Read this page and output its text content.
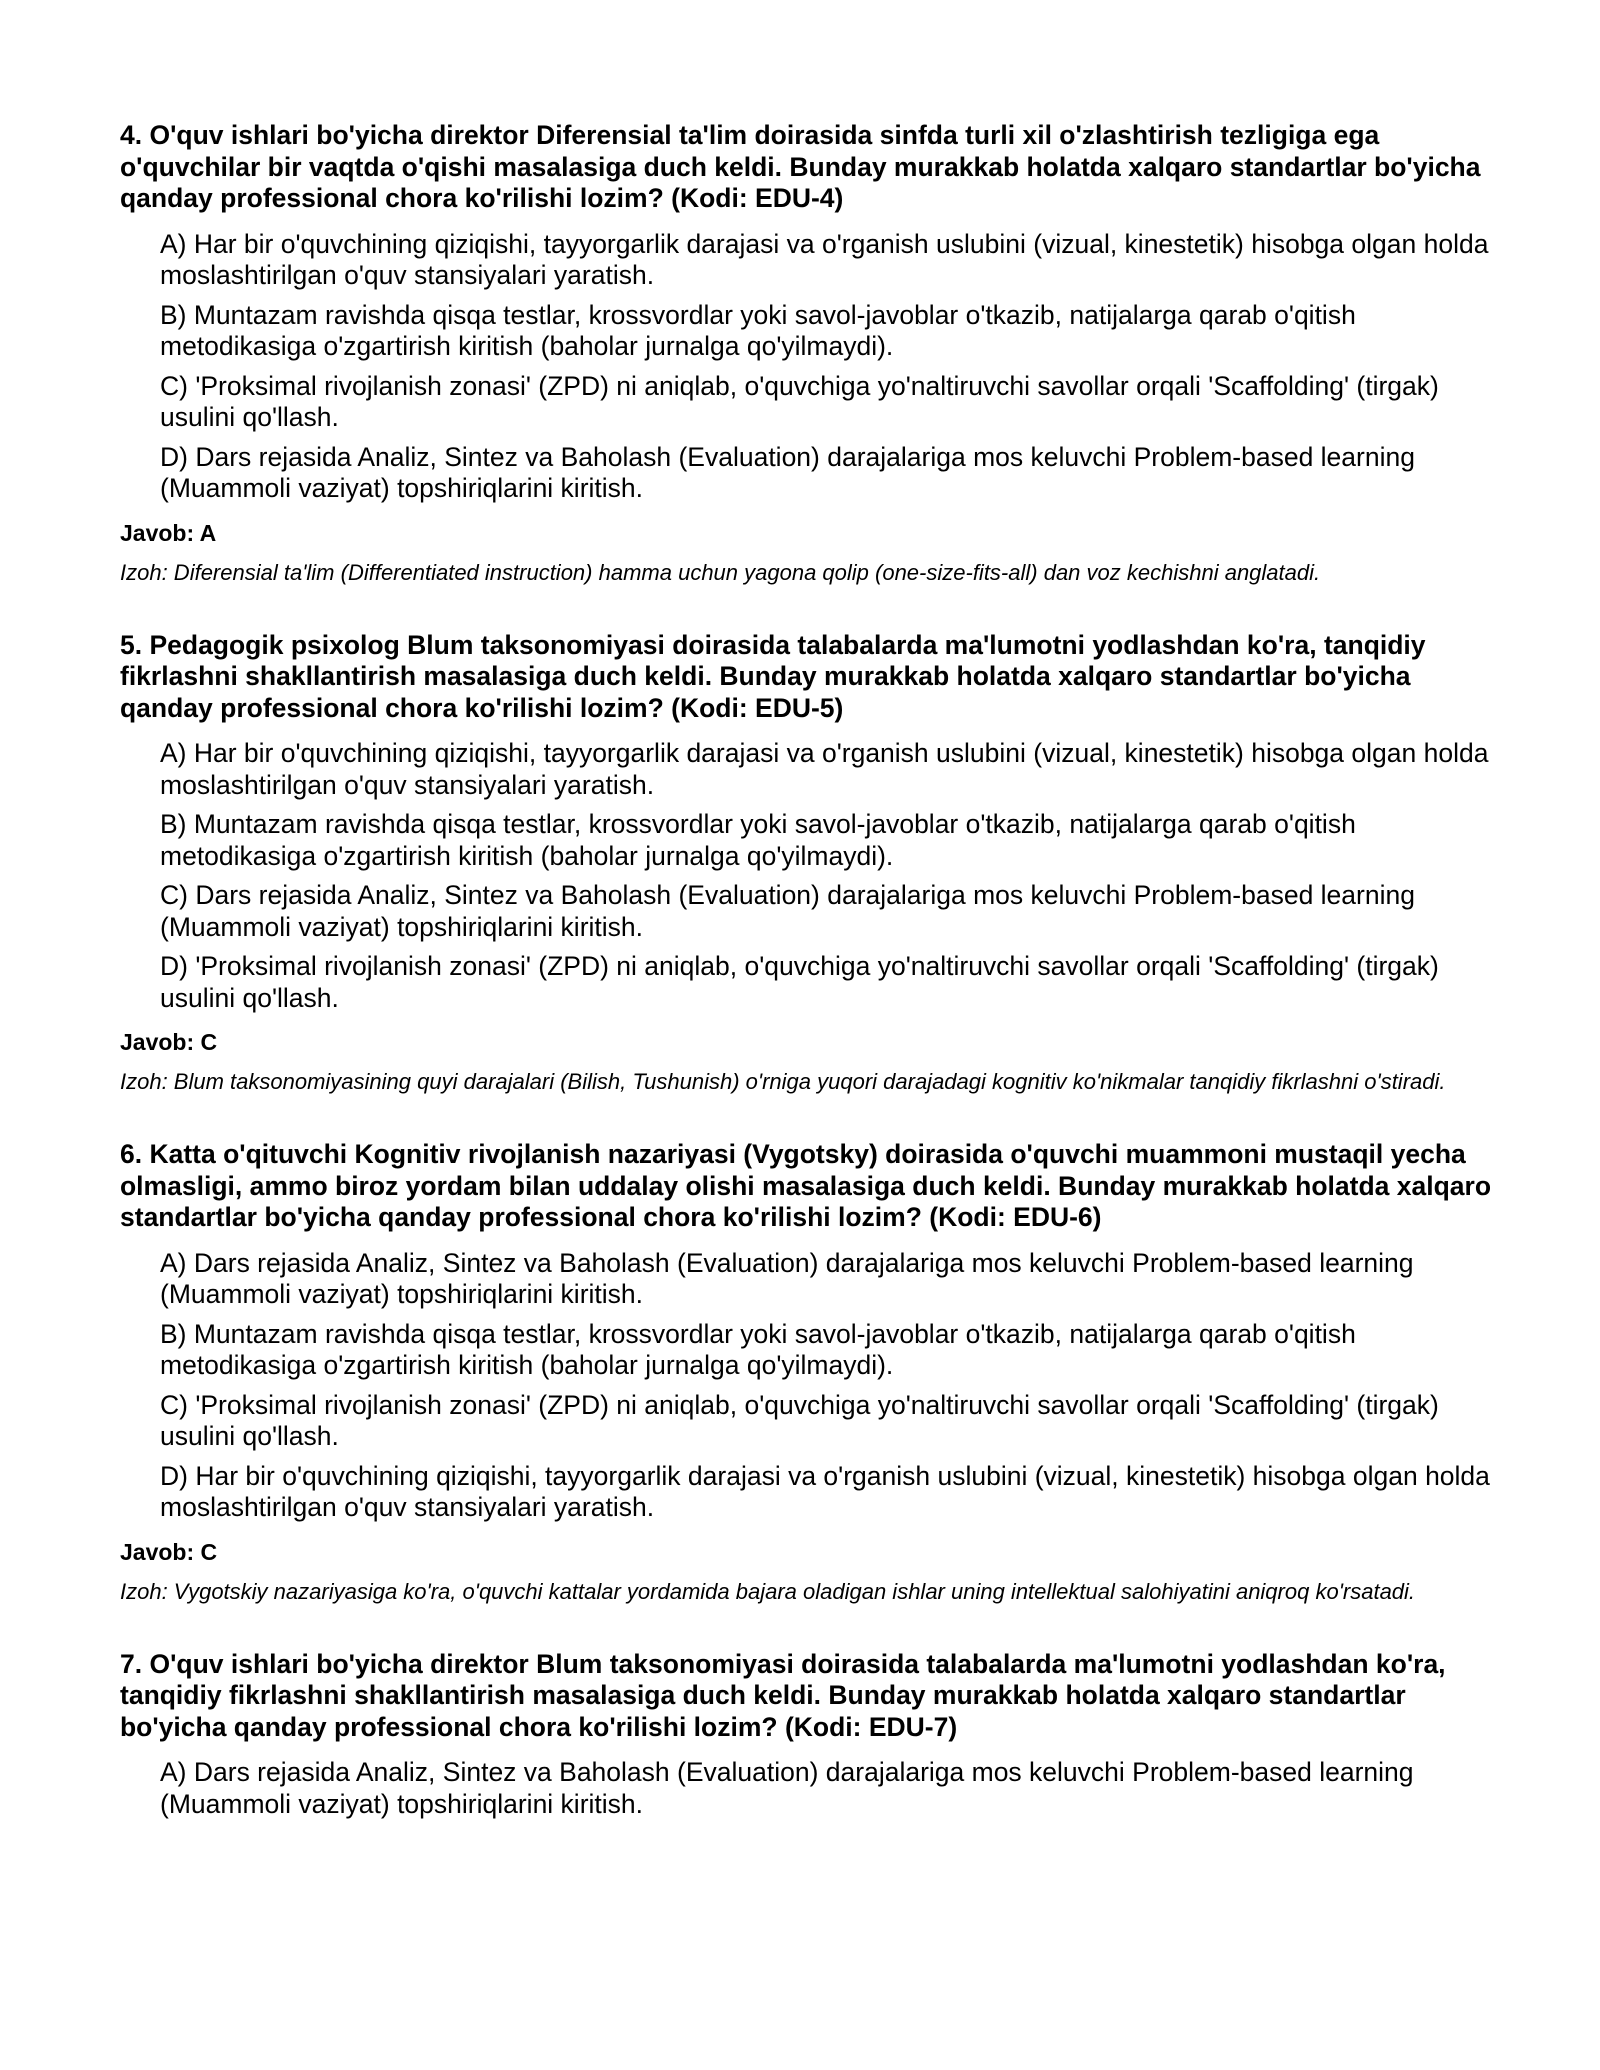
4. O'quv ishlari bo'yicha direktor Diferensial ta'lim doirasida sinfda turli xil o'zlashtirish tezligiga ega o'quvchilar bir vaqtda o'qishi masalasiga duch keldi. Bunday murakkab holatda xalqaro standartlar bo'yicha qanday professional chora ko'rilishi lozim? (Kodi: EDU-4)

A) Har bir o'quvchining qiziqishi, tayyorgarlik darajasi va o'rganish uslubini (vizual, kinestetik) hisobga olgan holda moslashtirilgan o'quv stansiyalari yaratish.

B) Muntazam ravishda qisqa testlar, krossvordlar yoki savol-javoblar o'tkazib, natijalarga qarab o'qitish metodikasiga o'zgartirish kiritish (baholar jurnalga qo'yilmaydi).

C) 'Proksimal rivojlanish zonasi' (ZPD) ni aniqlab, o'quvchiga yo'naltiruvchi savollar orqali 'Scaffolding' (tirgak) usulini qo'llash.

D) Dars rejasida Analiz, Sintez va Baholash (Evaluation) darajalariga mos keluvchi Problem-based learning (Muammoli vaziyat) topshiriqlarini kiritish.

Javob: A

Izoh: Diferensial ta'lim (Differentiated instruction) hamma uchun yagona qolip (one-size-fits-all) dan voz kechishni anglatadi.

5. Pedagogik psixolog Blum taksonomiyasi doirasida talabalarda ma'lumotni yodlashdan ko'ra, tanqidiy fikrlashni shakllantirish masalasiga duch keldi. Bunday murakkab holatda xalqaro standartlar bo'yicha qanday professional chora ko'rilishi lozim? (Kodi: EDU-5)

A) Har bir o'quvchining qiziqishi, tayyorgarlik darajasi va o'rganish uslubini (vizual, kinestetik) hisobga olgan holda moslashtirilgan o'quv stansiyalari yaratish.

B) Muntazam ravishda qisqa testlar, krossvordlar yoki savol-javoblar o'tkazib, natijalarga qarab o'qitish metodikasiga o'zgartirish kiritish (baholar jurnalga qo'yilmaydi).

C) Dars rejasida Analiz, Sintez va Baholash (Evaluation) darajalariga mos keluvchi Problem-based learning (Muammoli vaziyat) topshiriqlarini kiritish.

D) 'Proksimal rivojlanish zonasi' (ZPD) ni aniqlab, o'quvchiga yo'naltiruvchi savollar orqali 'Scaffolding' (tirgak) usulini qo'llash.

Javob: C

Izoh: Blum taksonomiyasining quyi darajalari (Bilish, Tushunish) o'rniga yuqori darajadagi kognitiv ko'nikmalar tanqidiy fikrlashni o'stiradi.

6. Katta o'qituvchi Kognitiv rivojlanish nazariyasi (Vygotsky) doirasida o'quvchi muammoni mustaqil yecha olmasligi, ammo biroz yordam bilan uddalay olishi masalasiga duch keldi. Bunday murakkab holatda xalqaro standartlar bo'yicha qanday professional chora ko'rilishi lozim? (Kodi: EDU-6)

A) Dars rejasida Analiz, Sintez va Baholash (Evaluation) darajalariga mos keluvchi Problem-based learning (Muammoli vaziyat) topshiriqlarini kiritish.

B) Muntazam ravishda qisqa testlar, krossvordlar yoki savol-javoblar o'tkazib, natijalarga qarab o'qitish metodikasiga o'zgartirish kiritish (baholar jurnalga qo'yilmaydi).

C) 'Proksimal rivojlanish zonasi' (ZPD) ni aniqlab, o'quvchiga yo'naltiruvchi savollar orqali 'Scaffolding' (tirgak) usulini qo'llash.

D) Har bir o'quvchining qiziqishi, tayyorgarlik darajasi va o'rganish uslubini (vizual, kinestetik) hisobga olgan holda moslashtirilgan o'quv stansiyalari yaratish.

Javob: C

Izoh: Vygotskiy nazariyasiga ko'ra, o'quvchi kattalar yordamida bajara oladigan ishlar uning intellektual salohiyatini aniqroq ko'rsatadi.

7. O'quv ishlari bo'yicha direktor Blum taksonomiyasi doirasida talabalarda ma'lumotni yodlashdan ko'ra, tanqidiy fikrlashni shakllantirish masalasiga duch keldi. Bunday murakkab holatda xalqaro standartlar bo'yicha qanday professional chora ko'rilishi lozim? (Kodi: EDU-7)

A) Dars rejasida Analiz, Sintez va Baholash (Evaluation) darajalariga mos keluvchi Problem-based learning (Muammoli vaziyat) topshiriqlarini kiritish.
